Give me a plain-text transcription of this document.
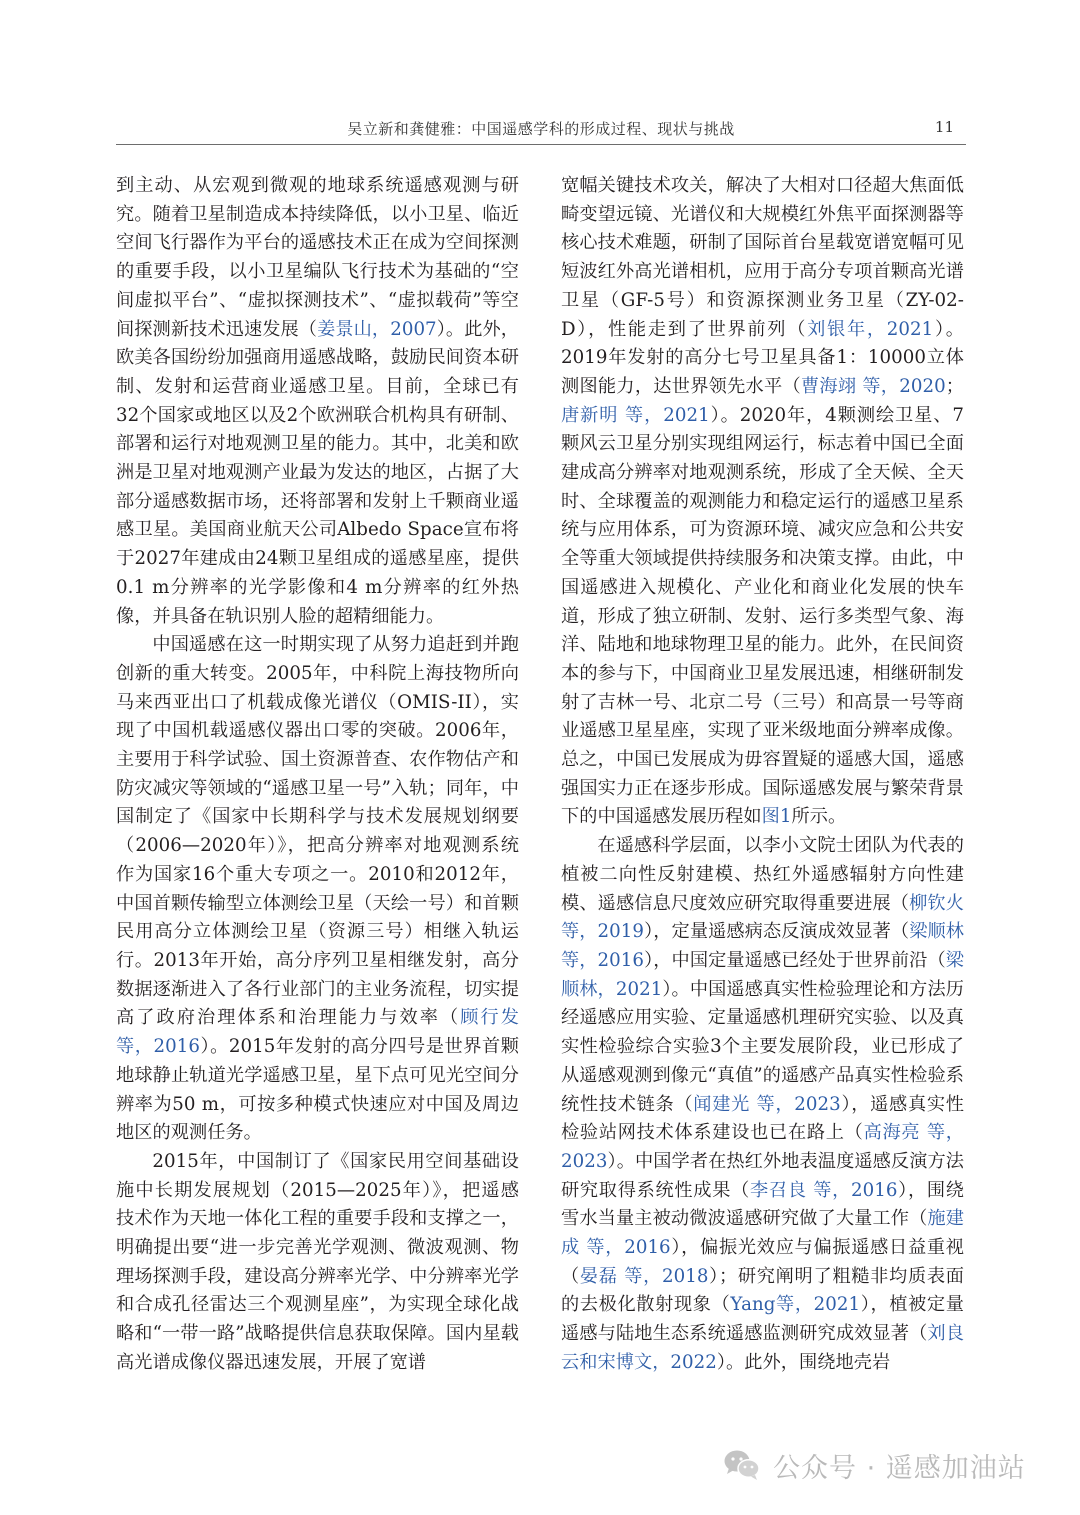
吴立新和龚健雅：中国遥感学科的形成过程、现状与挑战	11

到主动、从宏观到微观的地球系统遥感观测与研究。随着卫星制造成本持续降低，以小卫星、临近空间飞行器作为平台的遥感技术正在成为空间探测的重要手段，以小卫星编队飞行技术为基础的“空间虚拟平台”、“虚拟探测技术”、“虚拟载荷”等空间探测新技术迅速发展（姜景山，2007）。此外，欧美各国纷纷加强商用遥感战略，鼓励民间资本研制、发射和运营商业遥感卫星。目前，全球已有32个国家或地区以及2个欧洲联合机构具有研制、部署和运行对地观测卫星的能力。其中，北美和欧洲是卫星对地观测产业最为发达的地区，占据了大部分遥感数据市场，还将部署和发射上千颗商业遥感卫星。美国商业航天公司Albedo Space宣布将于2027年建成由24颗卫星组成的遥感星座，提供0.1 m分辨率的光学影像和4 m分辨率的红外热像，并具备在轨识别人脸的超精细能力。

中国遥感在这一时期实现了从努力追赶到并跑创新的重大转变。2005年，中科院上海技物所向马来西亚出口了机载成像光谱仪（OMIS-II），实现了中国机载遥感仪器出口零的突破。2006年，主要用于科学试验、国土资源普查、农作物估产和防灾减灾等领域的“遥感卫星一号”入轨；同年，中国制定了《国家中长期科学与技术发展规划纲要（2006—2020年）》，把高分辨率对地观测系统作为国家16个重大专项之一。2010和2012年，中国首颗传输型立体测绘卫星（天绘一号）和首颗民用高分立体测绘卫星（资源三号）相继入轨运行。2013年开始，高分序列卫星相继发射，高分数据逐渐进入了各行业部门的主业务流程，切实提高了政府治理体系和治理能力与效率（顾行发 等，2016）。2015年发射的高分四号是世界首颗地球静止轨道光学遥感卫星，星下点可见光空间分辨率为50 m，可按多种模式快速应对中国及周边地区的观测任务。

2015年，中国制订了《国家民用空间基础设施中长期发展规划（2015—2025年）》，把遥感技术作为天地一体化工程的重要手段和支撑之一，明确提出要“进一步完善光学观测、微波观测、物理场探测手段，建设高分辨率光学、中分辨率光学和合成孔径雷达三个观测星座”，为实现全球化战略和“一带一路”战略提供信息获取保障。国内星载高光谱成像仪器迅速发展，开展了宽谱

宽幅关键技术攻关，解决了大相对口径超大焦面低畸变望远镜、光谱仪和大规模红外焦平面探测器等核心技术难题，研制了国际首台星载宽谱宽幅可见短波红外高光谱相机，应用于高分专项首颗高光谱卫星（GF-5号）和资源探测业务卫星（ZY-02-D），性能走到了世界前列（刘银年，2021）。2019年发射的高分七号卫星具备1：10000立体测图能力，达世界领先水平（曹海翊 等，2020；唐新明 等，2021）。2020年，4颗测绘卫星、7颗风云卫星分别实现组网运行，标志着中国已全面建成高分辨率对地观测系统，形成了全天候、全天时、全球覆盖的观测能力和稳定运行的遥感卫星系统与应用体系，可为资源环境、减灾应急和公共安全等重大领域提供持续服务和决策支撑。由此，中国遥感进入规模化、产业化和商业化发展的快车道，形成了独立研制、发射、运行多类型气象、海洋、陆地和地球物理卫星的能力。此外，在民间资本的参与下，中国商业卫星发展迅速，相继研制发射了吉林一号、北京二号（三号）和高景一号等商业遥感卫星星座，实现了亚米级地面分辨率成像。总之，中国已发展成为毋容置疑的遥感大国，遥感强国实力正在逐步形成。国际遥感发展与繁荣背景下的中国遥感发展历程如图1所示。

在遥感科学层面，以李小文院士团队为代表的植被二向性反射建模、热红外遥感辐射方向性建模、遥感信息尺度效应研究取得重要进展（柳钦火 等，2019），定量遥感病态反演成效显著（梁顺林 等，2016），中国定量遥感已经处于世界前沿（梁顺林，2021）。中国遥感真实性检验理论和方法历经遥感应用实验、定量遥感机理研究实验、以及真实性检验综合实验3个主要发展阶段，业已形成了从遥感观测到像元“真值”的遥感产品真实性检验系统性技术链条（闻建光 等，2023），遥感真实性检验站网技术体系建设也已在路上（高海亮 等，2023）。中国学者在热红外地表温度遥感反演方法研究取得系统性成果（李召良 等，2016），围绕雪水当量主被动微波遥感研究做了大量工作（施建成 等，2016），偏振光效应与偏振遥感日益重视（晏磊 等，2018）；研究阐明了粗糙非均质表面的去极化散射现象（Yang等，2021），植被定量遥感与陆地生态系统遥感监测研究成效显著（刘良云和宋博文，2022）。此外，围绕地壳岩

公众号 · 遥感加油站
